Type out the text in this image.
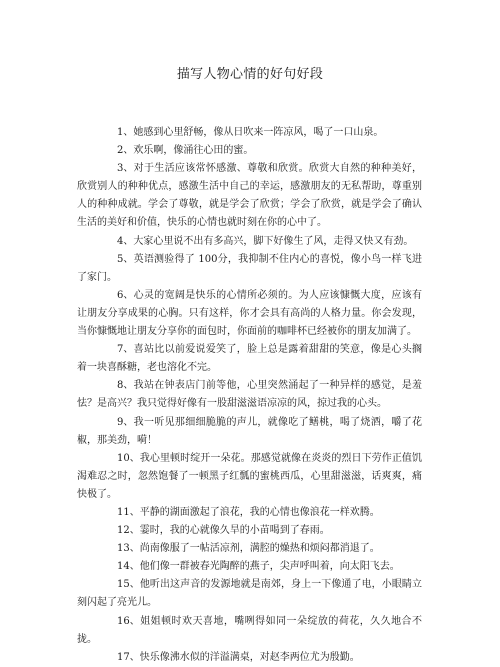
描写人物心情的好句好段

1、她感到心里舒畅，像从日吹来一阵凉风，喝了一口山泉。

2、欢乐啊，像涌往心田的蜜。

3、对于生活应该常怀感激、尊敬和欣赏。欣赏大自然的种种美好，欣赏别人的种种优点，感激生活中自己的幸运，感激朋友的无私帮助，尊重别人的种种成就。学会了尊敬，就是学会了欣赏；学会了欣赏，就是学会了确认生活的美好和价值，快乐的心情也就时刻在你的心中了。

4、大家心里说不出有多高兴，脚下好像生了风，走得又快又有劲。

5、英语测验得了 100分，我抑制不住内心的喜悦，像小鸟一样飞进了家门。

6、心灵的宽阔是快乐的心情所必须的。为人应该慷慨大度，应该有让朋友分享成果的心胸。只有这样，你才会具有高尚的人格力量。你会发现，当你慷慨地让朋友分享你的面包时，你面前的咖啡杯已经被你的朋友加满了。

7、喜站比以前爱说爱笑了，脸上总是露着甜甜的笑意，像是心头搁着一块喜酥糖，老也溶化不完。

8、我站在钟表店门前等他，心里突然涌起了一种异样的感觉，是羞怯？是高兴？我只觉得好像有一股甜滋滋语凉凉的风，掠过我的心头。

9、我一听见那细细脆脆的声儿，就像吃了鳝桃，喝了烧酒，嚼了花椒，那美劲，嗬！

10、我心里顿时绽开一朵花。那感觉就像在炎炎的烈日下劳作正值饥渴难忍之时，忽然饱餐了一顿黑子红瓢的蜜桃西瓜，心里甜滋滋，话爽爽，痛快极了。

11、平静的湖面激起了浪花，我的心情也像浪花一样欢腾。

12、霎时，我的心就像久旱的小苗喝到了春雨。

13、尚南像服了一帖活凉剂，满腔的燥热和烦闷都消退了。

14、他们像一群被春光陶醉的燕子，尖声呼叫着，向太阳飞去。

15、他听出这声音的发源地就是南郊，身上一下像通了电，小眼睛立刻闪起了亮光儿。

16、姐姐顿时欢天喜地，嘴咧得如同一朵绽放的荷花，久久地合不拢。

17、快乐像沸水似的洋溢满桌，对赵李两位尤为殷勤。
